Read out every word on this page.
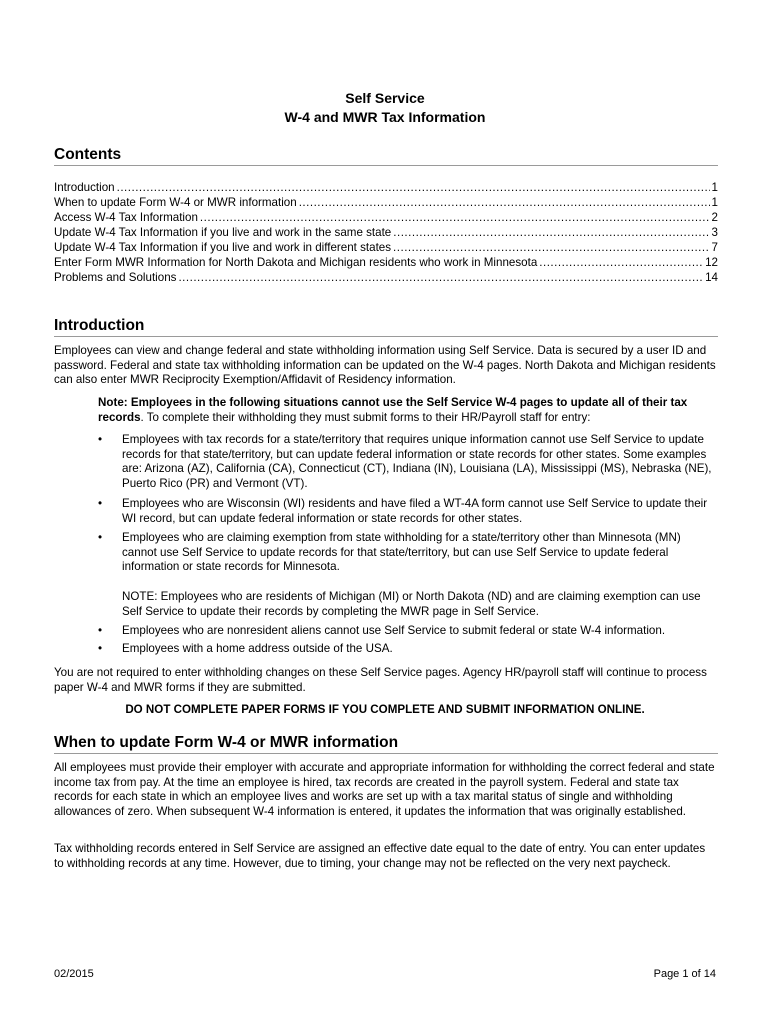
Self Service
W-4 and MWR Tax Information
Contents
Introduction .....	1
When to update Form W-4 or MWR information .....	1
Access W-4 Tax Information .....	2
Update W-4 Tax Information if you live and work in the same state .....	3
Update W-4 Tax Information if you live and work in different states .....	7
Enter Form MWR Information for North Dakota and Michigan residents who work in Minnesota .....	12
Problems and Solutions .....	14
Introduction
Employees can view and change federal and state withholding information using Self Service. Data is secured by a user ID and password. Federal and state tax withholding information can be updated on the W-4 pages. North Dakota and Michigan residents can also enter MWR Reciprocity Exemption/Affidavit of Residency information.
Note: Employees in the following situations cannot use the Self Service W-4 pages to update all of their tax records. To complete their withholding they must submit forms to their HR/Payroll staff for entry:
• Employees with tax records for a state/territory that requires unique information cannot use Self Service to update records for that state/territory, but can update federal information or state records for other states. Some examples are: Arizona (AZ), California (CA), Connecticut (CT), Indiana (IN), Louisiana (LA), Mississippi (MS), Nebraska (NE), Puerto Rico (PR) and Vermont (VT).
• Employees who are Wisconsin (WI) residents and have filed a WT-4A form cannot use Self Service to update their WI record, but can update federal information or state records for other states.
• Employees who are claiming exemption from state withholding for a state/territory other than Minnesota (MN) cannot use Self Service to update records for that state/territory, but can use Self Service to update federal information or state records for Minnesota.
NOTE: Employees who are residents of Michigan (MI) or North Dakota (ND) and are claiming exemption can use Self Service to update their records by completing the MWR page in Self Service.
• Employees who are nonresident aliens cannot use Self Service to submit federal or state W-4 information.
• Employees with a home address outside of the USA.
You are not required to enter withholding changes on these Self Service pages. Agency HR/payroll staff will continue to process paper W-4 and MWR forms if they are submitted.
DO NOT COMPLETE PAPER FORMS IF YOU COMPLETE AND SUBMIT INFORMATION ONLINE.
When to update Form W-4 or MWR information
All employees must provide their employer with accurate and appropriate information for withholding the correct federal and state income tax from pay. At the time an employee is hired, tax records are created in the payroll system. Federal and state tax records for each state in which an employee lives and works are set up with a tax marital status of single and withholding allowances of zero. When subsequent W-4 information is entered, it updates the information that was originally established.
Tax withholding records entered in Self Service are assigned an effective date equal to the date of entry. You can enter updates to withholding records at any time. However, due to timing, your change may not be reflected on the very next paycheck.
02/2015	Page 1 of 14
